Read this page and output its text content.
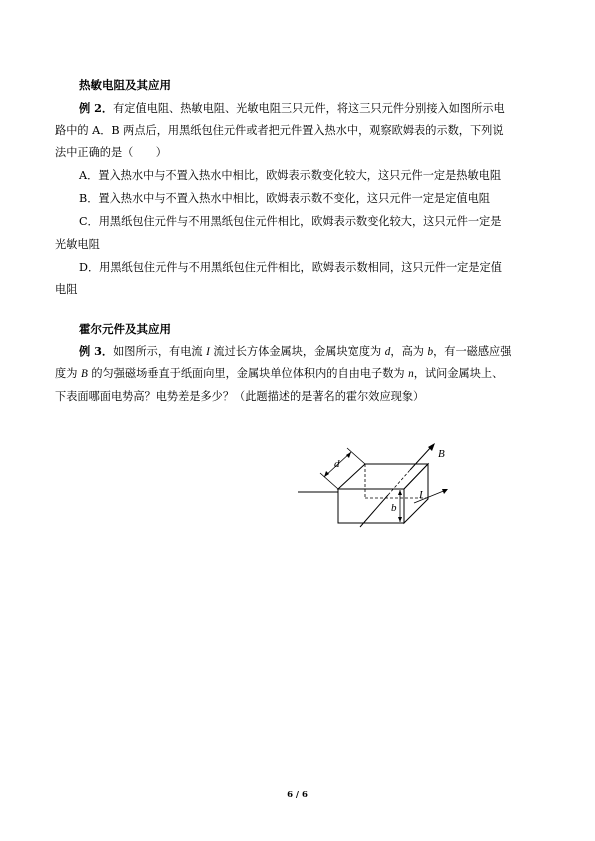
热敏电阻及其应用
例 2．有定值电阻、热敏电阻、光敏电阻三只元件，将这三只元件分别接入如图所示电
路中的 A．B 两点后，用黑纸包住元件或者把元件置入热水中，观察欧姆表的示数，下列说
法中正确的是（　　）
A．置入热水中与不置入热水中相比，欧姆表示数变化较大，这只元件一定是热敏电阻
B．置入热水中与不置入热水中相比，欧姆表示数不变化，这只元件一定是定值电阻
C．用黑纸包住元件与不用黑纸包住元件相比，欧姆表示数变化较大，这只元件一定是
光敏电阻
D．用黑纸包住元件与不用黑纸包住元件相比，欧姆表示数相同，这只元件一定是定值
电阻
霍尔元件及其应用
例 3．如图所示，有电流 I 流过长方体金属块，金属块宽度为 d，高为 b，有一磁感应强
度为 B 的匀强磁场垂直于纸面向里，金属块单位体积内的自由电子数为 n，试问金属块上、
下表面哪面电势高？电势差是多少？（此题描述的是著名的霍尔效应现象）
d
B
I
b
6 / 6
